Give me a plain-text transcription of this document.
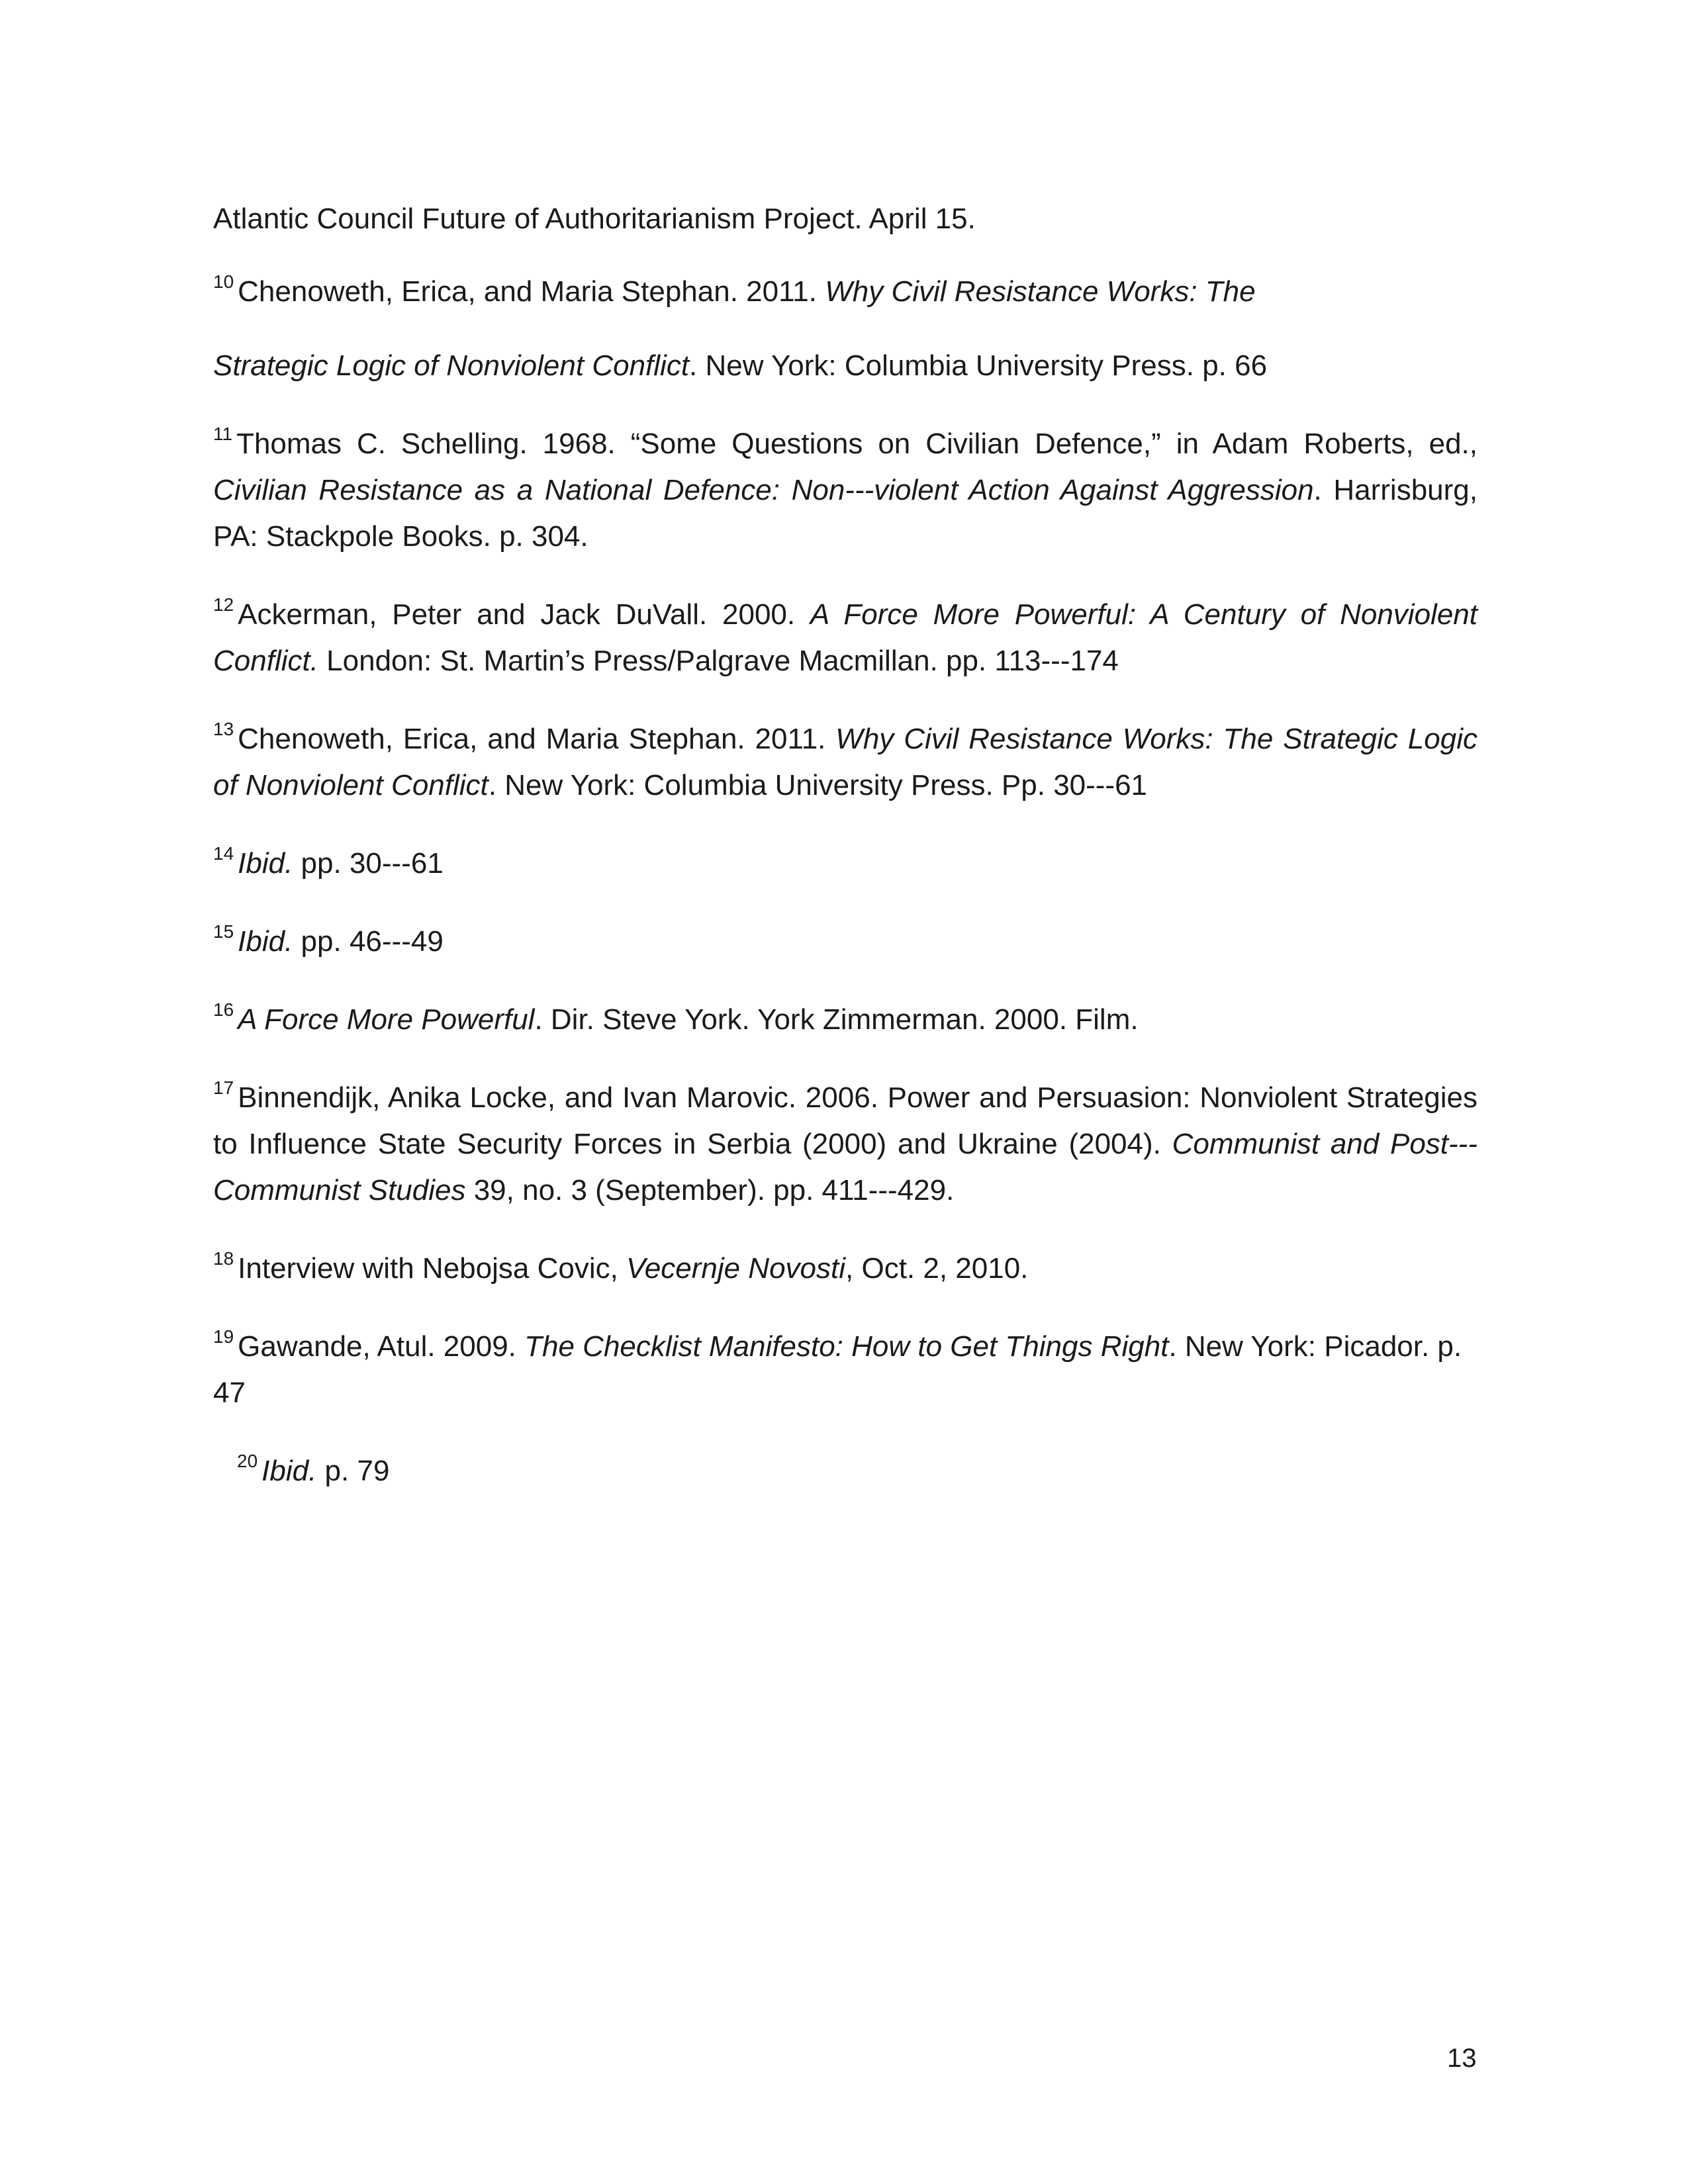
Atlantic Council Future of Authoritarianism Project. April 15.

$^{10}$ Chenoweth, Erica, and Maria Stephan. 2011. Why Civil Resistance Works: The

Strategic Logic of Nonviolent Conflict. New York: Columbia University Press. p. 66

$^{11}$ Thomas C. Schelling. 1968. “Some Questions on Civilian Defence,” in Adam Roberts, ed., Civilian Resistance as a National Defence: Non---violent Action Against Aggression. Harrisburg, PA: Stackpole Books. p. 304.

$^{12}$ Ackerman, Peter and Jack DuVall. 2000. A Force More Powerful: A Century of Nonviolent Conflict. London: St. Martin’s Press/Palgrave Macmillan. pp. 113---174

$^{13}$ Chenoweth, Erica, and Maria Stephan. 2011. Why Civil Resistance Works: The Strategic Logic of Nonviolent Conflict. New York: Columbia University Press. Pp. 30---61

$^{14}$ Ibid. pp. 30---61

$^{15}$ Ibid. pp. 46---49

$^{16}$ A Force More Powerful. Dir. Steve York. York Zimmerman. 2000. Film.

$^{17}$ Binnendijk, Anika Locke, and Ivan Marovic. 2006. Power and Persuasion: Nonviolent Strategies to Influence State Security Forces in Serbia (2000) and Ukraine (2004). Communist and Post---Communist Studies 39, no. 3 (September). pp. 411---429.

$^{18}$ Interview with Nebojsa Covic, Vecernje Novosti, Oct. 2, 2010.

$^{19}$ Gawande, Atul. 2009. The Checklist Manifesto: How to Get Things Right. New York: Picador. p. 47

$^{20}$ Ibid. p. 79

13
